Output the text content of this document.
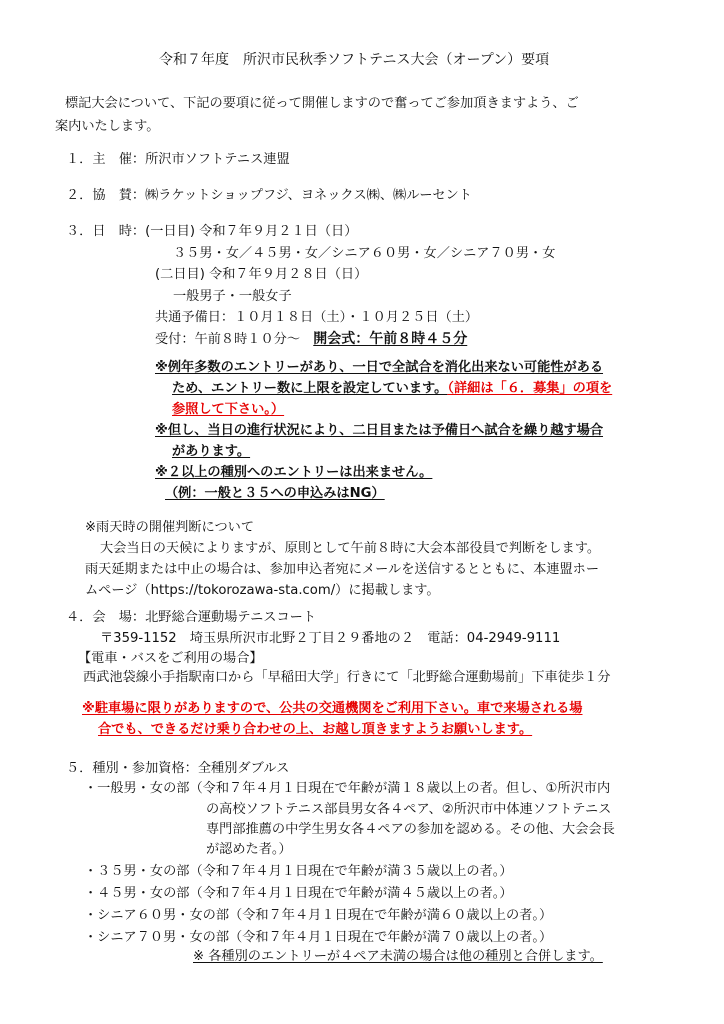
令和７年度　所沢市民秋季ソフトテニス大会（オープン）要項
標記大会について、下記の要項に従って開催しますので奮ってご参加頂きますよう、ご
案内いたします。
１．主　催：所沢市ソフトテニス連盟
２．協　賛：㈱ラケットショップフジ、ヨネックス㈱、㈱ルーセント
３．日　時：(一日目) 令和７年９月２１日（日）
３５男・女／４５男・女／シニア６０男・女／シニア７０男・女
(二日目) 令和７年９月２８日（日）
一般男子・一般女子
共通予備日：１０月１８日（土）・１０月２５日（土）
受付：午前８時１０分～　 開会式：午前８時４５分
※例年多数のエントリーがあり、一日で全試合を消化出来ない可能性がある
ため、エントリー数に上限を設定しています。（詳細は「６．募集」の項を
参照して下さい。）
※但し、当日の進行状況により、二日目または予備日へ試合を繰り越す場合
があります。
※２以上の種別へのエントリーは出来ません。
（例：一般と３５への申込みはNG）
※雨天時の開催判断について
大会当日の天候によりますが、原則として午前８時に大会本部役員で判断をします。
雨天延期または中止の場合は、参加申込者宛にメールを送信するとともに、本連盟ホー
ムページ（https://tokorozawa-sta.com/）に掲載します。
４．会　場：北野総合運動場テニスコート
〒359-1152　埼玉県所沢市北野２丁目２９番地の２　電話：04-2949-9111
【電車・バスをご利用の場合】
西武池袋線小手指駅南口から「早稲田大学」行きにて「北野総合運動場前」下車徒歩１分
※駐車場に限りがありますので、公共の交通機関をご利用下さい。車で来場される場
合でも、できるだけ乗り合わせの上、お越し頂きますようお願いします。
５．種別・参加資格：全種別ダブルス
・一般男・女の部（令和７年４月１日現在で年齢が満１８歳以上の者。但し、①所沢市内
の高校ソフトテニス部員男女各４ペア、②所沢市中体連ソフトテニス
専門部推薦の中学生男女各４ペアの参加を認める。その他、大会会長
が認めた者。）
・３５男・女の部（令和７年４月１日現在で年齢が満３５歳以上の者。）
・４５男・女の部（令和７年４月１日現在で年齢が満４５歳以上の者。）
・シニア６０男・女の部（令和７年４月１日現在で年齢が満６０歳以上の者。）
・シニア７０男・女の部（令和７年４月１日現在で年齢が満７０歳以上の者。）
※ 各種別のエントリーが４ペア未満の場合は他の種別と合併します。
